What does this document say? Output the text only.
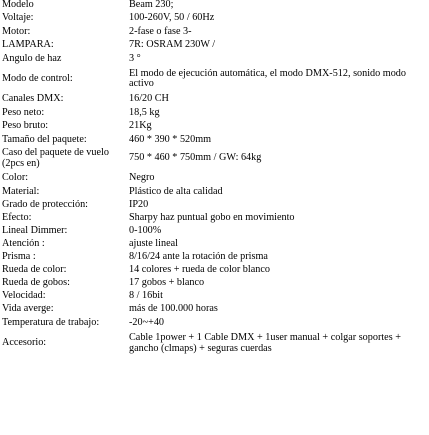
Modelo	Beam 230;
Voltaje:	100-260V, 50 / 60Hz
Motor:	2-fase o fase 3-
LAMPARA:	7R: OSRAM 230W /
Angulo de haz	3 °
Modo de control:	El modo de ejecución automática, el modo DMX-512, sonido modo activo
Canales DMX:	16/20 CH
Peso neto:	18,5 kg
Peso bruto:	21Kg
Tamaño del paquete:	460 * 390 * 520mm
Caso del paquete de vuelo (2pcs en)	750 * 460 * 750mm / GW: 64kg
Color:	Negro
Material:	Plástico de alta calidad
Grado de protección:	IP20
Efecto:	Sharpy haz puntual gobo en movimiento
Lineal Dimmer:	0-100%
Atención :	ajuste lineal
Prisma :	8/16/24 ante la rotación de prisma
Rueda de color:	14 colores + rueda de color blanco
Rueda de gobos:	17 gobos + blanco
Velocidad:	8 / 16bit
Vida averge:	más de 100.000 horas
Temperatura de trabajo:	-20~+40
Accesorio:	Cable 1power + 1 Cable DMX + 1user manual + colgar soportes + gancho (clmaps) + seguras cuerdas
